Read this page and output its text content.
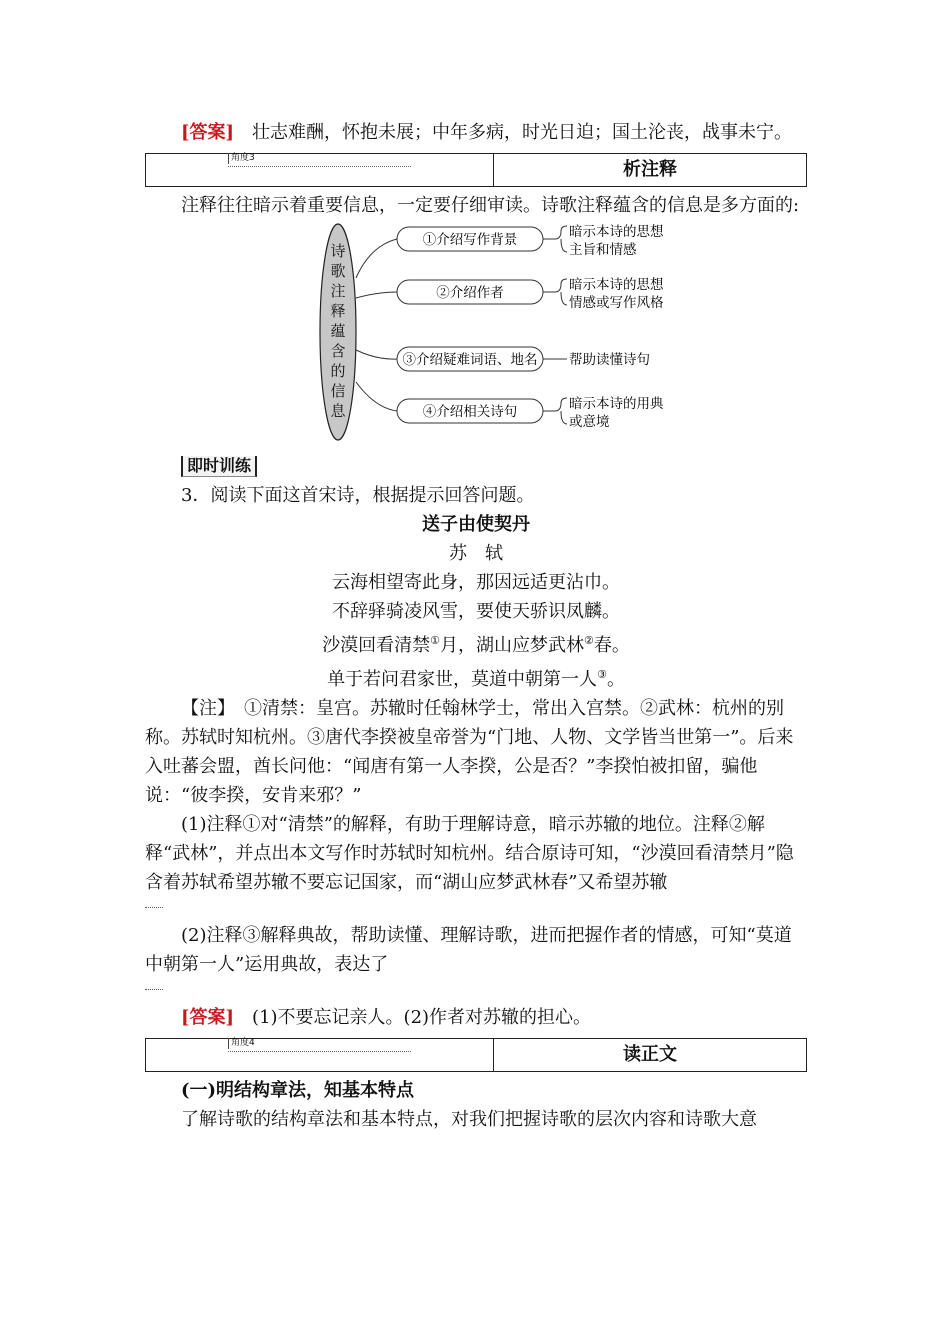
[答案]　 壮志难酬，怀抱未展；中年多病，时光日迫；国土沦丧，战事未宁。

角度3
析注释

注释往往暗示着重要信息，一定要仔细审读。诗歌注释蕴含的信息是多方面的:

诗
歌
注
释
蕴
含
的
信
息
①介绍写作背景	暗示本诗的思想
主旨和情感
②介绍作者	暗示本诗的思想
情感或写作风格
③介绍疑难词语、地名 帮助读懂诗句
④介绍相关诗句	暗示本诗的用典
或意境
即时训练

3．阅读下面这首宋诗，根据提示回答问题。

送子由使契丹

苏　轼

云海相望寄此身，那因远适更沾巾。

不辞驿骑凌风雪，要使天骄识凤麟。

沙漠回看清禁①月，湖山应梦武林②春。

单于若问君家世，莫道中朝第一人③。

【注】　①清禁：皇宫。苏辙时任翰林学士，常出入宫禁。②武林：杭州的别称。苏轼时知杭州。③唐代李揆被皇帝誉为“门地、人物、文学皆当世第一”。后来入吐蕃会盟，酋长问他：“闻唐有第一人李揆，公是否？”李揆怕被扣留，骗他说：“彼李揆，安肯来邪？”

(1)注释①对“清禁”的解释，有助于理解诗意，暗示苏辙的地位。注释②解释“武林”，并点出本文写作时苏轼时知杭州。结合原诗可知，“沙漠回看清禁月”隐含着苏轼希望苏辙不要忘记国家，而“湖山应梦武林春”又希望苏辙

(2)注释③解释典故，帮助读懂、理解诗歌，进而把握作者的情感，可知“莫道中朝第一人”运用典故，表达了

[答案]　 (1)不要忘记亲人。(2)作者对苏辙的担心。

角度4
读正文

(一)明结构章法，知基本特点

了解诗歌的结构章法和基本特点，对我们把握诗歌的层次内容和诗歌大意
